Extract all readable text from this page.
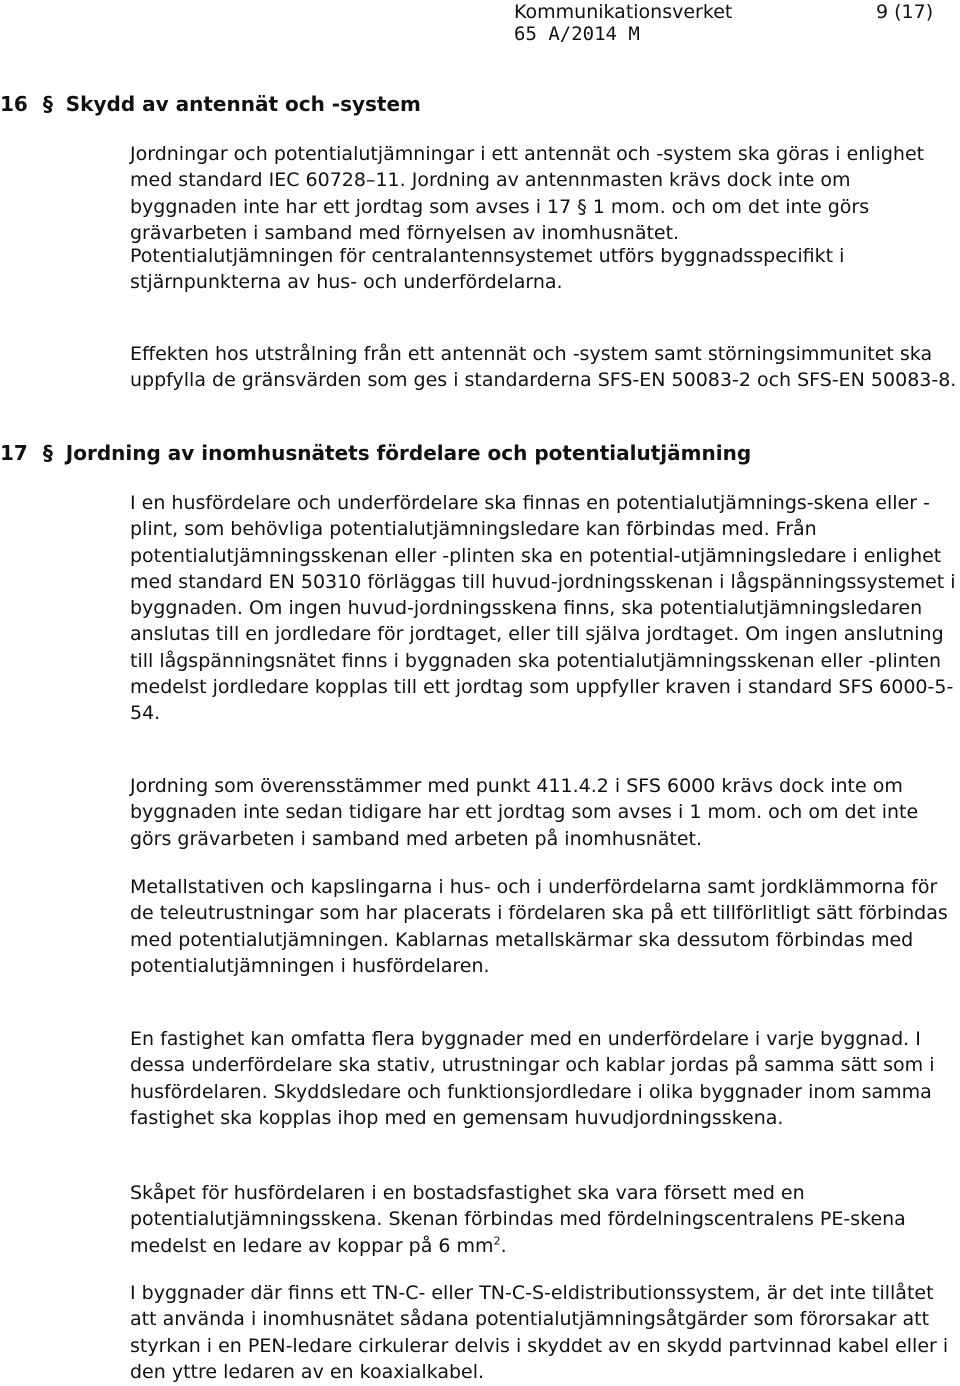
Kommunikationsverket	9 (17)
65 A/2014 M
16 § Skydd av antennät och -system

Jordningar och potentialutjämningar i ett antennät och -system ska göras i enlighet med standard IEC 60728–11. Jordning av antennmasten krävs dock inte om byggnaden inte har ett jordtag som avses i 17 § 1 mom. och om det inte görs grävarbeten i samband med förnyelsen av inomhusnätet.

Potentialutjämningen för centralantennsystemet utförs byggnadsspecifikt i stjärnpunkterna av hus- och underfördelarna.

Effekten hos utstrålning från ett antennät och -system samt störningsimmunitet ska uppfylla de gränsvärden som ges i standarderna SFS-EN 50083-2 och SFS-EN 50083-8.

17 § Jordning av inomhusnätets fördelare och potentialutjämning

I en husfördelare och underfördelare ska finnas en potentialutjämnings-skena eller -plint, som behövliga potentialutjämningsledare kan förbindas med. Från potentialutjämningsskenan eller -plinten ska en potential-utjämningsledare i enlighet med standard EN 50310 förläggas till huvud-jordningsskenan i lågspänningssystemet i byggnaden. Om ingen huvud-jordningsskena finns, ska potentialutjämningsledaren anslutas till en jordledare för jordtaget, eller till själva jordtaget. Om ingen anslutning till lågspänningsnätet finns i byggnaden ska potentialutjämningsskenan eller -plinten medelst jordledare kopplas till ett jordtag som uppfyller kraven i standard SFS 6000-5-54.

Jordning som överensstämmer med punkt 411.4.2 i SFS 6000 krävs dock inte om byggnaden inte sedan tidigare har ett jordtag som avses i 1 mom. och om det inte görs grävarbeten i samband med arbeten på inomhusnätet.

Metallstativen och kapslingarna i hus- och i underfördelarna samt jordklämmorna för de teleutrustningar som har placerats i fördelaren ska på ett tillförlitligt sätt förbindas med potentialutjämningen. Kablarnas metallskärmar ska dessutom förbindas med potentialutjämningen i husfördelaren.

En fastighet kan omfatta flera byggnader med en underfördelare i varje byggnad. I dessa underfördelare ska stativ, utrustningar och kablar jordas på samma sätt som i husfördelaren. Skyddsledare och funktionsjordledare i olika byggnader inom samma fastighet ska kopplas ihop med en gemensam huvudjordningsskena.

Skåpet för husfördelaren i en bostadsfastighet ska vara försett med en potentialutjämningsskena. Skenan förbindas med fördelningscentralens PE-skena medelst en ledare av koppar på 6 $mm^2$.

I byggnader där finns ett TN-C- eller TN-C-S-eldistributionssystem, är det inte tillåtet att använda i inomhusnätet sådana potentialutjämningsåtgärder som förorsakar att styrkan i en PEN-ledare cirkulerar delvis i skyddet av en skydd partvinnad kabel eller i den yttre ledaren av en koaxialkabel.
